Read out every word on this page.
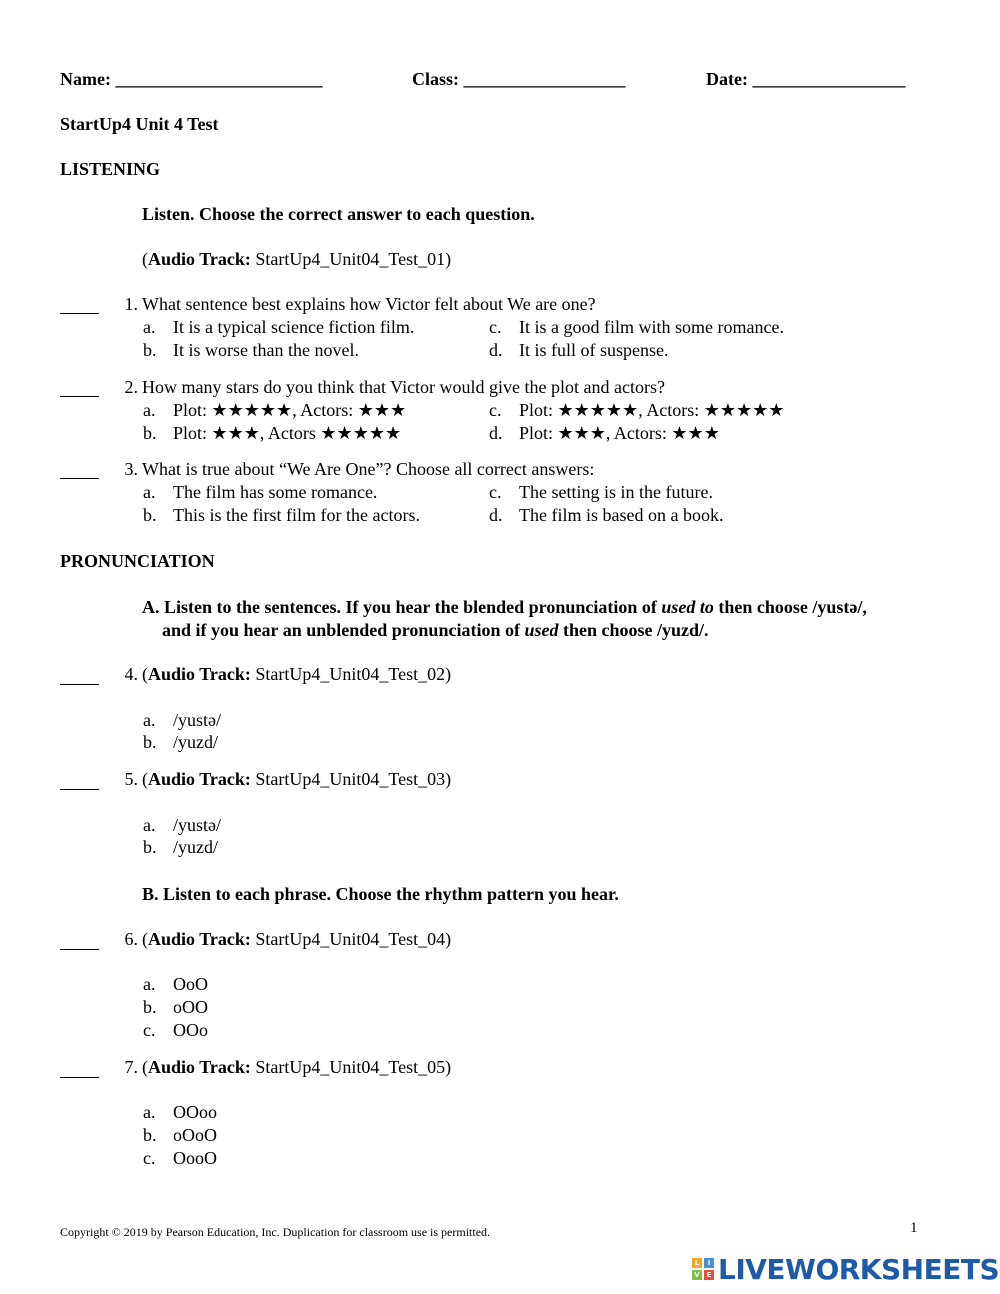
Name: _______________________	Class: __________________	Date: _________________
StartUp4 Unit 4 Test
LISTENING
Listen. Choose the correct answer to each question.
(Audio Track: StartUp4_Unit04_Test_01)
1. What sentence best explains how Victor felt about We are one?
a. It is a typical science fiction film.
b. It is worse than the novel.
c. It is a good film with some romance.
d. It is full of suspense.
2. How many stars do you think that Victor would give the plot and actors?
a. Plot: ★★★★★, Actors: ★★★
b. Plot: ★★★, Actors ★★★★★
c. Plot: ★★★★★, Actors: ★★★★★
d. Plot: ★★★, Actors: ★★★
3. What is true about “We Are One”? Choose all correct answers:
a. The film has some romance.
b. This is the first film for the actors.
c. The setting is in the future.
d. The film is based on a book.
PRONUNCIATION
A. Listen to the sentences. If you hear the blended pronunciation of used to then choose /yustə/,
and if you hear an unblended pronunciation of used then choose /yuzd/.
4. (Audio Track: StartUp4_Unit04_Test_02)
a. /yustə/
b. /yuzd/
5. (Audio Track: StartUp4_Unit04_Test_03)
a. /yustə/
b. /yuzd/
B. Listen to each phrase. Choose the rhythm pattern you hear.
6. (Audio Track: StartUp4_Unit04_Test_04)
a. OoO
b. oOO
c. OOo
7. (Audio Track: StartUp4_Unit04_Test_05)
a. OOoo
b. oOoO
c. OooO
Copyright © 2019 by Pearson Education, Inc. Duplication for classroom use is permitted.	1
L	I
V E LIVEWORKSHEETS
